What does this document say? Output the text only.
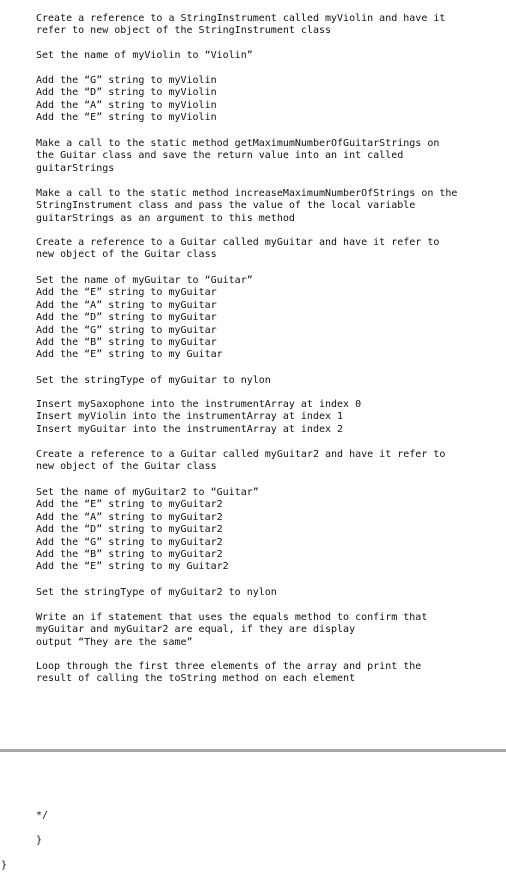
Create a reference to a StringInstrument called myViolin and have it
refer to new object of the StringInstrument class
Set the name of myViolin to “Violin”
Add the “G” string to myViolin
Add the “D” string to myViolin
Add the “A” string to myViolin
Add the “E” string to myViolin
Make a call to the static method getMaximumNumberOfGuitarStrings on
the Guitar class and save the return value into an int called
guitarStrings
Make a call to the static method increaseMaximumNumberOfStrings on the
StringInstrument class and pass the value of the local variable
guitarStrings as an argument to this method
Create a reference to a Guitar called myGuitar and have it refer to
new object of the Guitar class
Set the name of myGuitar to “Guitar”
Add the “E” string to myGuitar
Add the “A” string to myGuitar
Add the “D” string to myGuitar
Add the “G” string to myGuitar
Add the “B” string to myGuitar
Add the “E” string to my Guitar
Set the stringType of myGuitar to nylon
Insert mySaxophone into the instrumentArray at index 0
Insert myViolin into the instrumentArray at index 1
Insert myGuitar into the instrumentArray at index 2
Create a reference to a Guitar called myGuitar2 and have it refer to
new object of the Guitar class
Set the name of myGuitar2 to “Guitar”
Add the “E” string to myGuitar2
Add the “A” string to myGuitar2
Add the “D” string to myGuitar2
Add the “G” string to myGuitar2
Add the “B” string to myGuitar2
Add the “E” string to my Guitar2
Set the stringType of myGuitar2 to nylon
Write an if statement that uses the equals method to confirm that
myGuitar and myGuitar2 are equal, if they are display
output “They are the same”
Loop through the first three elements of the array and print the
result of calling the toString method on each element
*/
}
}
